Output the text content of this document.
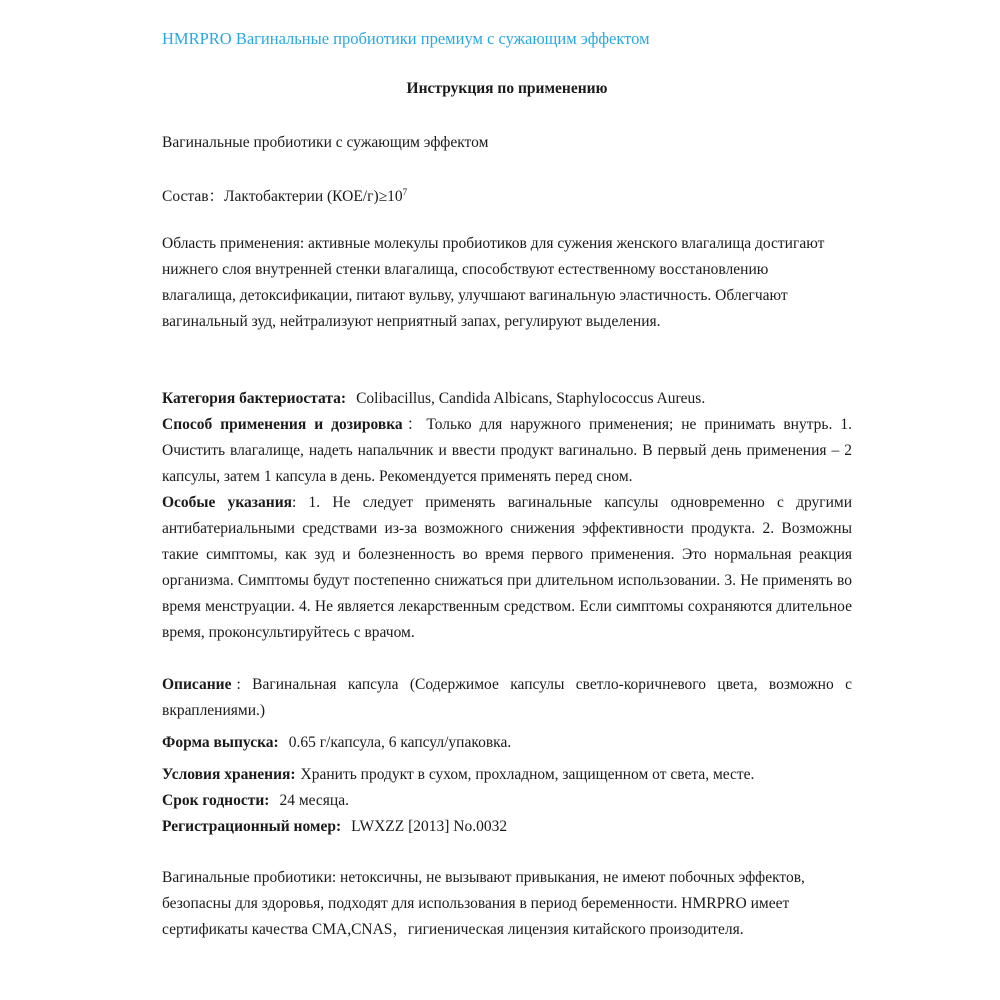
HMRPRO Вагинальные пробиотики премиум с сужающим эффектом
Инструкция по применению

Вагинальные пробиотики с сужающим эффектом

Состав：Лактобактерии $(КОЕ/г)\ge 10^7$

Область применения: активные молекулы пробиотиков для сужения женского влагалища достигают нижнего слоя внутренней стенки влагалища, способствуют естественному восстановлению влагалища, детоксификации, питают вульву, улучшают вагинальную эластичность. Облегчают вагинальный зуд, нейтрализуют неприятный запах, регулируют выделения.

Категория бактериостата: Colibacillus, Candida Albicans, Staphylococcus Aureus.

Способ применения и дозировка：Только для наружного применения; не принимать внутрь. 1. Очистить влагалище, надеть напальчник и ввести продукт вагинально. В первый день применения – 2 капсулы, затем 1 капсула в день. Рекомендуется применять перед сном.

Особые указания: 1. Не следует применять вагинальные капсулы одновременно с другими антибатериальными средствами из-за возможного снижения эффективности продукта. 2. Возможны такие симптомы, как зуд и болезненность во время первого применения. Это нормальная реакция организма. Симптомы будут постепенно снижаться при длительном использовании. 3. Не применять во время менструации. 4. Не является лекарственным средством. Если симптомы сохраняются длительное время, проконсультируйтесь с врачом.

Описание : Вагинальная капсула (Содержимое капсулы светло-коричневого цвета, возможно с вкраплениями.)

Форма выпуска: 0.65 г/капсула, 6 капсул/упаковка.

Условия хранения: Хранить продукт в сухом, прохладном, защищенном от света, месте.

Срок годности: 24 месяца.

Регистрационный номер: LWXZZ [2013] No.0032

Вагинальные пробиотики: нетоксичны, не вызывают привыкания, не имеют побочных эффектов, безопасны для здоровья, подходят для использования в период беременности. HMRPRO имеет сертификаты качества CMA,CNAS，гигиеническая лицензия китайского произодителя.
